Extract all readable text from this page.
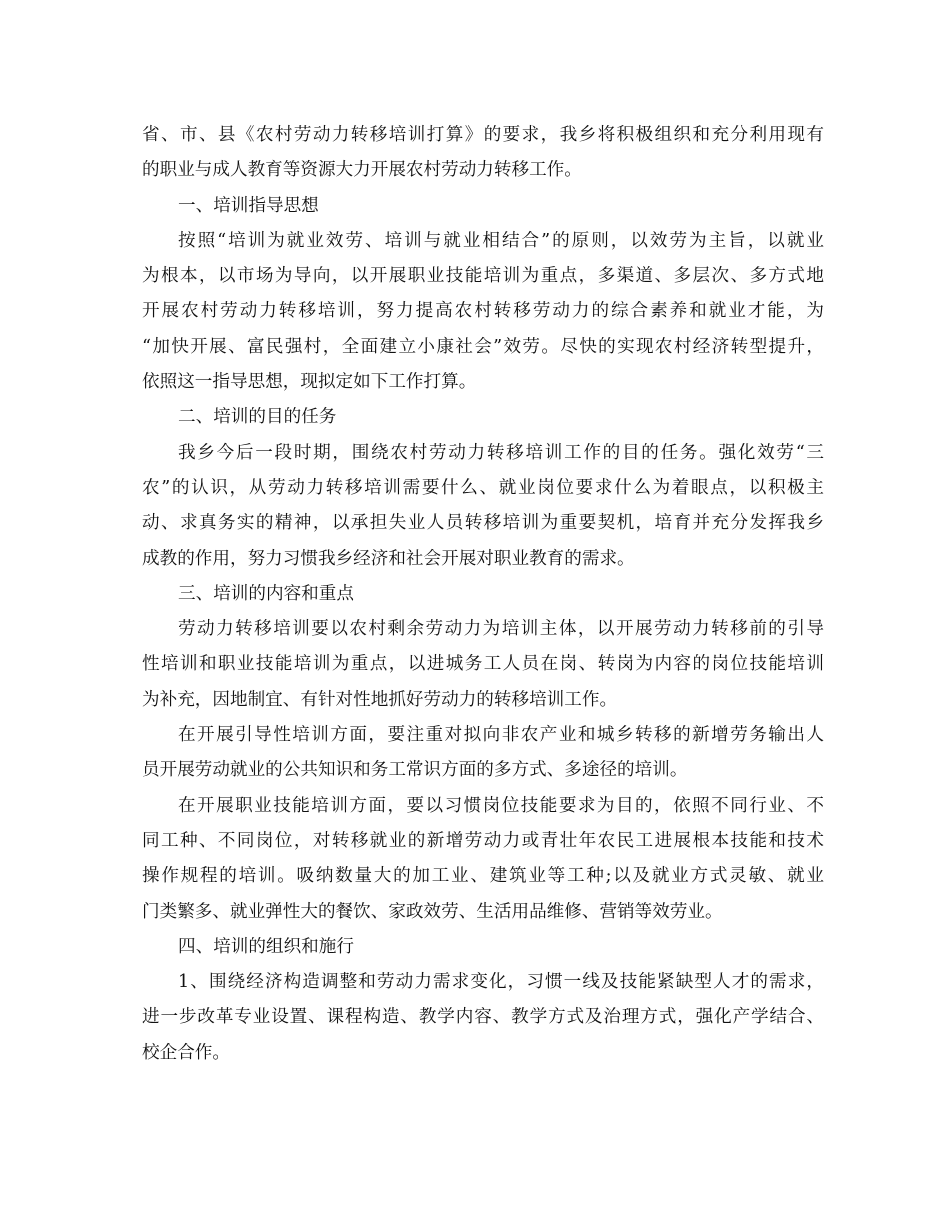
省、市、县《农村劳动力转移培训打算》的要求，我乡将积极组织和充分利用现有
的职业与成人教育等资源大力开展农村劳动力转移工作。
一、培训指导思想
按照“培训为就业效劳、培训与就业相结合”的原则，以效劳为主旨，以就业
为根本，以市场为导向，以开展职业技能培训为重点，多渠道、多层次、多方式地
开展农村劳动力转移培训，努力提高农村转移劳动力的综合素养和就业才能，为
“加快开展、富民强村，全面建立小康社会”效劳。尽快的实现农村经济转型提升，
依照这一指导思想，现拟定如下工作打算。
二、培训的目的任务
我乡今后一段时期，围绕农村劳动力转移培训工作的目的任务。强化效劳“三
农”的认识，从劳动力转移培训需要什么、就业岗位要求什么为着眼点，以积极主
动、求真务实的精神，以承担失业人员转移培训为重要契机，培育并充分发挥我乡
成教的作用，努力习惯我乡经济和社会开展对职业教育的需求。
三、培训的内容和重点
劳动力转移培训要以农村剩余劳动力为培训主体，以开展劳动力转移前的引导
性培训和职业技能培训为重点，以进城务工人员在岗、转岗为内容的岗位技能培训
为补充，因地制宜、有针对性地抓好劳动力的转移培训工作。
在开展引导性培训方面，要注重对拟向非农产业和城乡转移的新增劳务输出人
员开展劳动就业的公共知识和务工常识方面的多方式、多途径的培训。
在开展职业技能培训方面，要以习惯岗位技能要求为目的，依照不同行业、不
同工种、不同岗位，对转移就业的新增劳动力或青壮年农民工进展根本技能和技术
操作规程的培训。吸纳数量大的加工业、建筑业等工种;以及就业方式灵敏、就业
门类繁多、就业弹性大的餐饮、家政效劳、生活用品维修、营销等效劳业。
四、培训的组织和施行
1、围绕经济构造调整和劳动力需求变化，习惯一线及技能紧缺型人才的需求，
进一步改革专业设置、课程构造、教学内容、教学方式及治理方式，强化产学结合、
校企合作。
